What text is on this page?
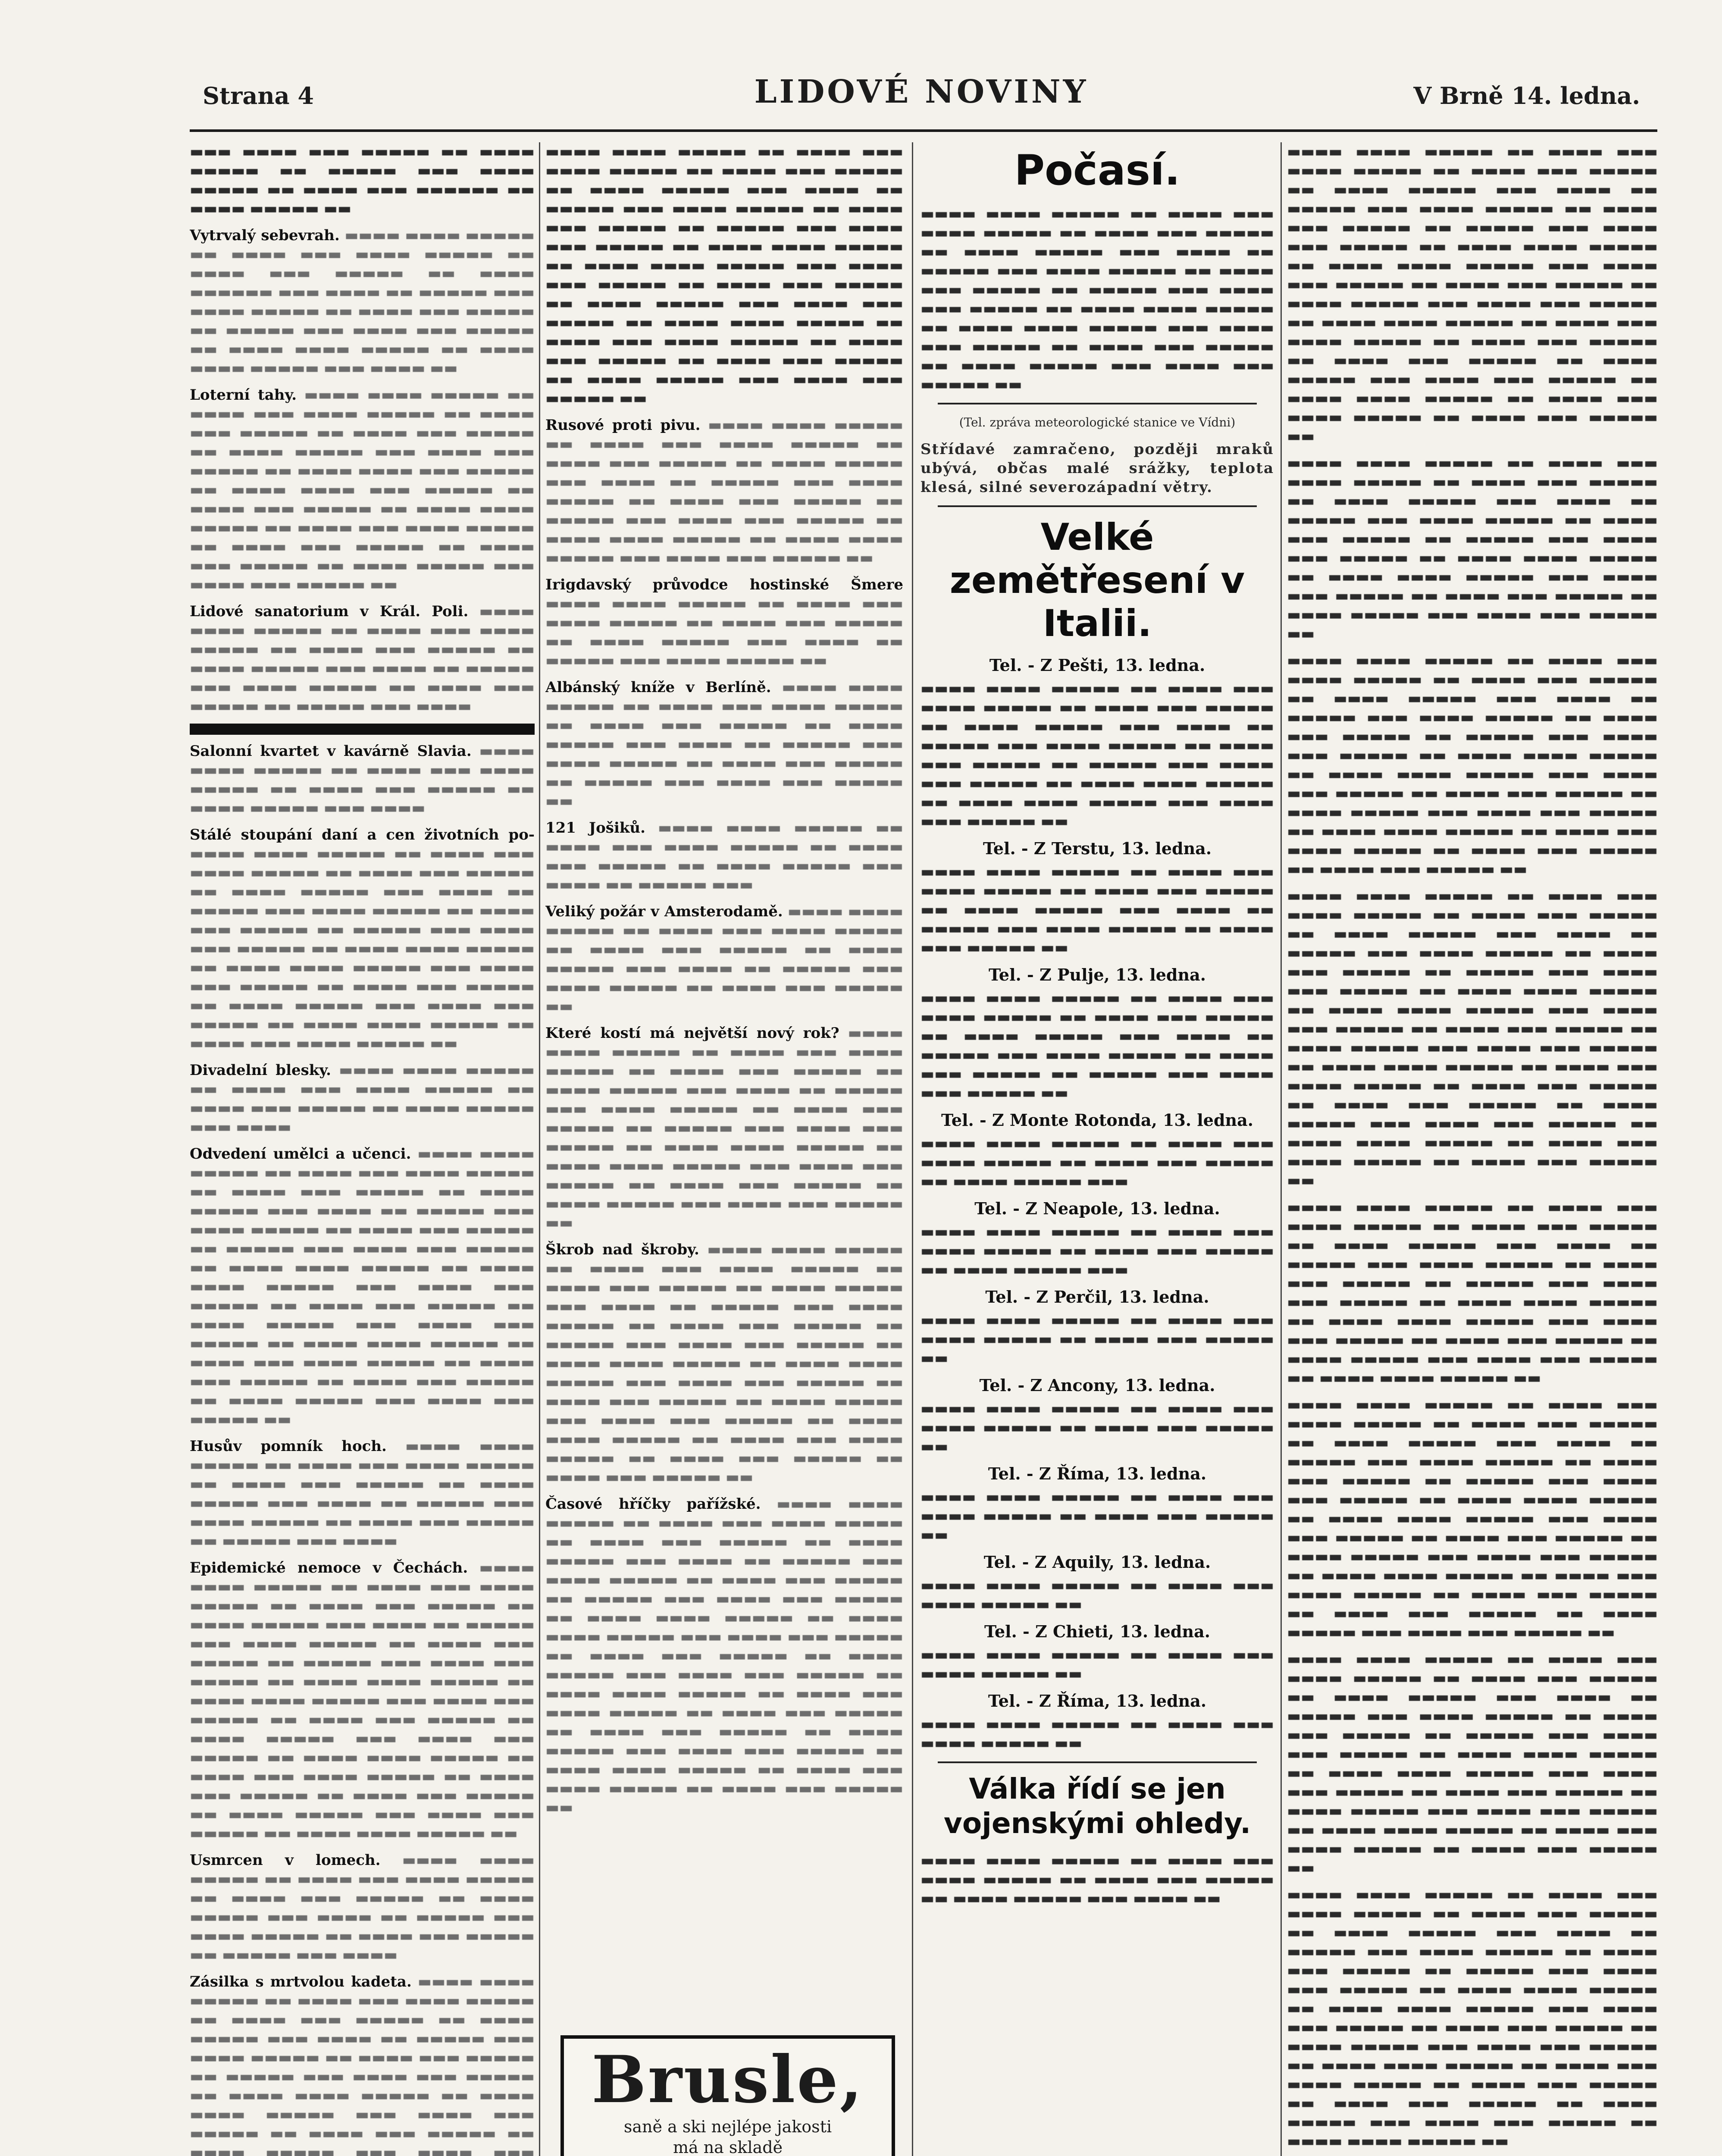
Strana 4	LIDOVÉ NOVINY	V Brně 14. ledna.

▬▬▬ ▬▬▬▬ ▬▬▬ ▬▬▬▬▬ ▬▬ ▬▬▬▬ ▬▬▬▬▬ ▬▬ ▬▬▬▬▬ ▬▬▬ ▬▬▬▬ ▬▬▬▬▬ ▬▬ ▬▬▬▬ ▬▬▬ ▬▬▬▬▬▬ ▬▬ ▬▬▬▬ ▬▬▬▬▬ ▬▬

Vytrvalý sebevrah. ▬▬▬▬ ▬▬▬▬ ▬▬▬▬▬ ▬▬ ▬▬▬▬ ▬▬▬ ▬▬▬▬ ▬▬▬▬▬ ▬▬ ▬▬▬▬ ▬▬▬ ▬▬▬▬▬ ▬▬ ▬▬▬▬ ▬▬▬▬▬▬ ▬▬▬ ▬▬▬▬ ▬▬ ▬▬▬▬▬ ▬▬▬ ▬▬▬▬ ▬▬▬▬▬ ▬▬ ▬▬▬▬ ▬▬▬ ▬▬▬▬▬ ▬▬ ▬▬▬▬▬ ▬▬▬ ▬▬▬▬ ▬▬▬ ▬▬▬▬▬ ▬▬ ▬▬▬▬ ▬▬▬▬ ▬▬▬▬▬ ▬▬ ▬▬▬▬ ▬▬▬▬ ▬▬▬▬▬ ▬▬▬ ▬▬▬▬ ▬▬

Loterní tahy. ▬▬▬▬ ▬▬▬▬ ▬▬▬▬▬ ▬▬ ▬▬▬▬ ▬▬▬ ▬▬▬▬ ▬▬▬▬▬ ▬▬ ▬▬▬▬ ▬▬▬ ▬▬▬▬▬ ▬▬ ▬▬▬▬ ▬▬▬ ▬▬▬▬▬ ▬▬ ▬▬▬▬ ▬▬▬▬▬ ▬▬▬ ▬▬▬▬ ▬▬▬ ▬▬▬▬▬ ▬▬ ▬▬▬▬ ▬▬▬▬ ▬▬▬ ▬▬▬▬▬ ▬▬ ▬▬▬▬ ▬▬▬▬ ▬▬▬ ▬▬▬▬▬ ▬▬ ▬▬▬▬ ▬▬▬ ▬▬▬▬▬ ▬▬ ▬▬▬▬ ▬▬▬▬ ▬▬▬▬▬ ▬▬ ▬▬▬▬ ▬▬▬ ▬▬▬▬ ▬▬▬▬▬ ▬▬ ▬▬▬▬ ▬▬▬ ▬▬▬▬▬ ▬▬ ▬▬▬▬ ▬▬▬ ▬▬▬▬▬ ▬▬ ▬▬▬▬ ▬▬▬▬▬ ▬▬▬ ▬▬▬▬ ▬▬▬ ▬▬▬▬▬ ▬▬

Lidové sanatorium v Král. Poli. ▬▬▬▬ ▬▬▬▬ ▬▬▬▬▬ ▬▬ ▬▬▬▬ ▬▬▬ ▬▬▬▬ ▬▬▬▬▬ ▬▬ ▬▬▬▬ ▬▬▬ ▬▬▬▬▬ ▬▬ ▬▬▬▬ ▬▬▬▬▬ ▬▬▬ ▬▬▬▬ ▬▬ ▬▬▬▬▬ ▬▬▬ ▬▬▬▬ ▬▬▬▬▬ ▬▬ ▬▬▬▬ ▬▬▬ ▬▬▬▬▬ ▬▬ ▬▬▬▬▬ ▬▬▬ ▬▬▬▬

Salonní kvartet v kavárně Slavia. ▬▬▬▬ ▬▬▬▬ ▬▬▬▬▬ ▬▬ ▬▬▬▬ ▬▬▬ ▬▬▬▬ ▬▬▬▬▬ ▬▬ ▬▬▬▬ ▬▬▬ ▬▬▬▬▬ ▬▬ ▬▬▬▬ ▬▬▬▬▬ ▬▬▬ ▬▬▬▬

Stálé stoupání daní a cen životních po- ▬▬▬▬ ▬▬▬▬ ▬▬▬▬▬ ▬▬ ▬▬▬▬ ▬▬▬ ▬▬▬▬ ▬▬▬▬▬ ▬▬ ▬▬▬▬ ▬▬▬ ▬▬▬▬▬ ▬▬ ▬▬▬▬ ▬▬▬▬▬ ▬▬▬ ▬▬▬▬ ▬▬ ▬▬▬▬▬ ▬▬▬ ▬▬▬▬ ▬▬▬▬▬ ▬▬ ▬▬▬▬ ▬▬▬ ▬▬▬▬▬ ▬▬ ▬▬▬▬▬ ▬▬▬ ▬▬▬▬ ▬▬▬ ▬▬▬▬▬ ▬▬ ▬▬▬▬ ▬▬▬▬ ▬▬▬▬▬ ▬▬ ▬▬▬▬ ▬▬▬▬ ▬▬▬▬▬ ▬▬▬ ▬▬▬▬ ▬▬▬ ▬▬▬▬▬ ▬▬ ▬▬▬▬ ▬▬▬ ▬▬▬▬▬ ▬▬ ▬▬▬▬ ▬▬▬▬▬ ▬▬▬ ▬▬▬▬ ▬▬▬ ▬▬▬▬▬ ▬▬ ▬▬▬▬ ▬▬▬▬ ▬▬▬▬▬ ▬▬ ▬▬▬▬ ▬▬▬ ▬▬▬▬ ▬▬▬▬▬ ▬▬

Divadelní blesky. ▬▬▬▬ ▬▬▬▬ ▬▬▬▬▬ ▬▬ ▬▬▬▬ ▬▬▬ ▬▬▬▬ ▬▬▬▬▬ ▬▬ ▬▬▬▬ ▬▬▬ ▬▬▬▬▬ ▬▬ ▬▬▬▬ ▬▬▬▬▬ ▬▬▬ ▬▬▬▬

Odvedení umělci a učenci. ▬▬▬▬ ▬▬▬▬ ▬▬▬▬▬ ▬▬ ▬▬▬▬ ▬▬▬ ▬▬▬▬ ▬▬▬▬▬ ▬▬ ▬▬▬▬ ▬▬▬ ▬▬▬▬▬ ▬▬ ▬▬▬▬ ▬▬▬▬▬ ▬▬▬ ▬▬▬▬ ▬▬ ▬▬▬▬▬ ▬▬▬ ▬▬▬▬ ▬▬▬▬▬ ▬▬ ▬▬▬▬ ▬▬▬ ▬▬▬▬▬ ▬▬ ▬▬▬▬▬ ▬▬▬ ▬▬▬▬ ▬▬▬ ▬▬▬▬▬ ▬▬ ▬▬▬▬ ▬▬▬▬ ▬▬▬▬▬ ▬▬ ▬▬▬▬ ▬▬▬▬ ▬▬▬▬▬ ▬▬▬ ▬▬▬▬ ▬▬▬ ▬▬▬▬▬ ▬▬ ▬▬▬▬ ▬▬▬ ▬▬▬▬▬ ▬▬ ▬▬▬▬ ▬▬▬▬▬ ▬▬▬ ▬▬▬▬ ▬▬▬ ▬▬▬▬▬ ▬▬ ▬▬▬▬ ▬▬▬▬ ▬▬▬▬▬ ▬▬ ▬▬▬▬ ▬▬▬ ▬▬▬▬ ▬▬▬▬▬ ▬▬ ▬▬▬▬ ▬▬▬ ▬▬▬▬▬ ▬▬ ▬▬▬▬ ▬▬▬ ▬▬▬▬▬ ▬▬ ▬▬▬▬ ▬▬▬▬▬ ▬▬▬ ▬▬▬▬ ▬▬▬ ▬▬▬▬▬ ▬▬

Husův pomník hoch. ▬▬▬▬ ▬▬▬▬ ▬▬▬▬▬ ▬▬ ▬▬▬▬ ▬▬▬ ▬▬▬▬ ▬▬▬▬▬ ▬▬ ▬▬▬▬ ▬▬▬ ▬▬▬▬▬ ▬▬ ▬▬▬▬ ▬▬▬▬▬ ▬▬▬ ▬▬▬▬ ▬▬ ▬▬▬▬▬ ▬▬▬ ▬▬▬▬ ▬▬▬▬▬ ▬▬ ▬▬▬▬ ▬▬▬ ▬▬▬▬▬ ▬▬ ▬▬▬▬▬ ▬▬▬ ▬▬▬▬

Epidemické nemoce v Čechách. ▬▬▬▬ ▬▬▬▬ ▬▬▬▬▬ ▬▬ ▬▬▬▬ ▬▬▬ ▬▬▬▬ ▬▬▬▬▬ ▬▬ ▬▬▬▬ ▬▬▬ ▬▬▬▬▬ ▬▬ ▬▬▬▬ ▬▬▬▬▬ ▬▬▬ ▬▬▬▬ ▬▬ ▬▬▬▬▬ ▬▬▬ ▬▬▬▬ ▬▬▬▬▬ ▬▬ ▬▬▬▬ ▬▬▬ ▬▬▬▬▬ ▬▬ ▬▬▬▬▬ ▬▬▬ ▬▬▬▬ ▬▬▬ ▬▬▬▬▬ ▬▬ ▬▬▬▬ ▬▬▬▬ ▬▬▬▬▬ ▬▬ ▬▬▬▬ ▬▬▬▬ ▬▬▬▬▬ ▬▬▬ ▬▬▬▬ ▬▬▬ ▬▬▬▬▬ ▬▬ ▬▬▬▬ ▬▬▬ ▬▬▬▬▬ ▬▬ ▬▬▬▬ ▬▬▬▬▬ ▬▬▬ ▬▬▬▬ ▬▬▬ ▬▬▬▬▬ ▬▬ ▬▬▬▬ ▬▬▬▬ ▬▬▬▬▬ ▬▬ ▬▬▬▬ ▬▬▬ ▬▬▬▬ ▬▬▬▬▬ ▬▬ ▬▬▬▬ ▬▬▬ ▬▬▬▬▬ ▬▬ ▬▬▬▬ ▬▬▬ ▬▬▬▬▬ ▬▬ ▬▬▬▬ ▬▬▬▬▬ ▬▬▬ ▬▬▬▬ ▬▬▬ ▬▬▬▬▬ ▬▬ ▬▬▬▬ ▬▬▬▬ ▬▬▬▬▬ ▬▬

Usmrcen v lomech. ▬▬▬▬ ▬▬▬▬ ▬▬▬▬▬ ▬▬ ▬▬▬▬ ▬▬▬ ▬▬▬▬ ▬▬▬▬▬ ▬▬ ▬▬▬▬ ▬▬▬ ▬▬▬▬▬ ▬▬ ▬▬▬▬ ▬▬▬▬▬ ▬▬▬ ▬▬▬▬ ▬▬ ▬▬▬▬▬ ▬▬▬ ▬▬▬▬ ▬▬▬▬▬ ▬▬ ▬▬▬▬ ▬▬▬ ▬▬▬▬▬ ▬▬ ▬▬▬▬▬ ▬▬▬ ▬▬▬▬

Zásilka s mrtvolou kadeta. ▬▬▬▬ ▬▬▬▬ ▬▬▬▬▬ ▬▬ ▬▬▬▬ ▬▬▬ ▬▬▬▬ ▬▬▬▬▬ ▬▬ ▬▬▬▬ ▬▬▬ ▬▬▬▬▬ ▬▬ ▬▬▬▬ ▬▬▬▬▬ ▬▬▬ ▬▬▬▬ ▬▬ ▬▬▬▬▬ ▬▬▬ ▬▬▬▬ ▬▬▬▬▬ ▬▬ ▬▬▬▬ ▬▬▬ ▬▬▬▬▬ ▬▬ ▬▬▬▬▬ ▬▬▬ ▬▬▬▬ ▬▬▬ ▬▬▬▬▬ ▬▬ ▬▬▬▬ ▬▬▬▬ ▬▬▬▬▬ ▬▬ ▬▬▬▬ ▬▬▬▬ ▬▬▬▬▬ ▬▬▬ ▬▬▬▬ ▬▬▬ ▬▬▬▬▬ ▬▬ ▬▬▬▬ ▬▬▬ ▬▬▬▬▬ ▬▬ ▬▬▬▬ ▬▬▬▬▬ ▬▬▬ ▬▬▬▬ ▬▬▬

▬▬▬▬ ▬▬▬▬ ▬▬▬▬▬ ▬▬ ▬▬▬▬ ▬▬▬ ▬▬▬▬ ▬▬▬▬▬ ▬▬ ▬▬▬▬ ▬▬▬ ▬▬▬▬▬ ▬▬ ▬▬▬▬ ▬▬▬▬▬ ▬▬▬ ▬▬▬▬ ▬▬ ▬▬▬▬▬ ▬▬▬ ▬▬▬▬ ▬▬▬▬▬ ▬▬ ▬▬▬▬ ▬▬▬ ▬▬▬▬▬ ▬▬ ▬▬▬▬▬ ▬▬▬ ▬▬▬▬ ▬▬▬ ▬▬▬▬▬ ▬▬ ▬▬▬▬ ▬▬▬▬ ▬▬▬▬▬ ▬▬ ▬▬▬▬ ▬▬▬▬ ▬▬▬▬▬ ▬▬▬ ▬▬▬▬ ▬▬▬ ▬▬▬▬▬ ▬▬ ▬▬▬▬ ▬▬▬ ▬▬▬▬▬ ▬▬ ▬▬▬▬ ▬▬▬▬▬ ▬▬▬ ▬▬▬▬ ▬▬▬ ▬▬▬▬▬ ▬▬ ▬▬▬▬ ▬▬▬▬ ▬▬▬▬▬ ▬▬ ▬▬▬▬ ▬▬▬ ▬▬▬▬ ▬▬▬▬▬ ▬▬ ▬▬▬▬ ▬▬▬ ▬▬▬▬▬ ▬▬ ▬▬▬▬ ▬▬▬ ▬▬▬▬▬ ▬▬ ▬▬▬▬ ▬▬▬▬▬ ▬▬▬ ▬▬▬▬ ▬▬▬ ▬▬▬▬▬ ▬▬

Rusové proti pivu. ▬▬▬▬ ▬▬▬▬ ▬▬▬▬▬ ▬▬ ▬▬▬▬ ▬▬▬ ▬▬▬▬ ▬▬▬▬▬ ▬▬ ▬▬▬▬ ▬▬▬ ▬▬▬▬▬ ▬▬ ▬▬▬▬ ▬▬▬▬▬ ▬▬▬ ▬▬▬▬ ▬▬ ▬▬▬▬▬ ▬▬▬ ▬▬▬▬ ▬▬▬▬▬ ▬▬ ▬▬▬▬ ▬▬▬ ▬▬▬▬▬ ▬▬ ▬▬▬▬▬ ▬▬▬ ▬▬▬▬ ▬▬▬ ▬▬▬▬▬ ▬▬ ▬▬▬▬ ▬▬▬▬ ▬▬▬▬▬ ▬▬ ▬▬▬▬ ▬▬▬▬ ▬▬▬▬▬ ▬▬▬ ▬▬▬▬ ▬▬▬ ▬▬▬▬▬ ▬▬

Irigdavský průvodce hostinské Šmere ▬▬▬▬ ▬▬▬▬ ▬▬▬▬▬ ▬▬ ▬▬▬▬ ▬▬▬ ▬▬▬▬ ▬▬▬▬▬ ▬▬ ▬▬▬▬ ▬▬▬ ▬▬▬▬▬ ▬▬ ▬▬▬▬ ▬▬▬▬▬ ▬▬▬ ▬▬▬▬ ▬▬ ▬▬▬▬▬ ▬▬▬ ▬▬▬▬ ▬▬▬▬▬ ▬▬

Albánský kníže v Berlíně. ▬▬▬▬ ▬▬▬▬ ▬▬▬▬▬ ▬▬ ▬▬▬▬ ▬▬▬ ▬▬▬▬ ▬▬▬▬▬ ▬▬ ▬▬▬▬ ▬▬▬ ▬▬▬▬▬ ▬▬ ▬▬▬▬ ▬▬▬▬▬ ▬▬▬ ▬▬▬▬ ▬▬ ▬▬▬▬▬ ▬▬▬ ▬▬▬▬ ▬▬▬▬▬ ▬▬ ▬▬▬▬ ▬▬▬ ▬▬▬▬▬ ▬▬ ▬▬▬▬▬ ▬▬▬ ▬▬▬▬ ▬▬▬ ▬▬▬▬▬ ▬▬

121 Jošiků. ▬▬▬▬ ▬▬▬▬ ▬▬▬▬▬ ▬▬ ▬▬▬▬ ▬▬▬ ▬▬▬▬ ▬▬▬▬▬ ▬▬ ▬▬▬▬ ▬▬▬ ▬▬▬▬▬ ▬▬ ▬▬▬▬ ▬▬▬▬▬ ▬▬▬ ▬▬▬▬ ▬▬ ▬▬▬▬▬ ▬▬▬

Veliký požár v Amsterodamě. ▬▬▬▬ ▬▬▬▬ ▬▬▬▬▬ ▬▬ ▬▬▬▬ ▬▬▬ ▬▬▬▬ ▬▬▬▬▬ ▬▬ ▬▬▬▬ ▬▬▬ ▬▬▬▬▬ ▬▬ ▬▬▬▬ ▬▬▬▬▬ ▬▬▬ ▬▬▬▬ ▬▬ ▬▬▬▬▬ ▬▬▬ ▬▬▬▬ ▬▬▬▬▬ ▬▬ ▬▬▬▬ ▬▬▬ ▬▬▬▬▬ ▬▬

Které kostí má největší nový rok? ▬▬▬▬ ▬▬▬▬ ▬▬▬▬▬ ▬▬ ▬▬▬▬ ▬▬▬ ▬▬▬▬ ▬▬▬▬▬ ▬▬ ▬▬▬▬ ▬▬▬ ▬▬▬▬▬ ▬▬ ▬▬▬▬ ▬▬▬▬▬ ▬▬▬ ▬▬▬▬ ▬▬ ▬▬▬▬▬ ▬▬▬ ▬▬▬▬ ▬▬▬▬▬ ▬▬ ▬▬▬▬ ▬▬▬ ▬▬▬▬▬ ▬▬ ▬▬▬▬▬ ▬▬▬ ▬▬▬▬ ▬▬▬ ▬▬▬▬▬ ▬▬ ▬▬▬▬ ▬▬▬▬ ▬▬▬▬▬ ▬▬ ▬▬▬▬ ▬▬▬▬ ▬▬▬▬▬ ▬▬▬ ▬▬▬▬ ▬▬▬ ▬▬▬▬▬ ▬▬ ▬▬▬▬ ▬▬▬ ▬▬▬▬▬ ▬▬ ▬▬▬▬ ▬▬▬▬▬ ▬▬▬ ▬▬▬▬ ▬▬▬ ▬▬▬▬▬ ▬▬

Škrob nad škroby. ▬▬▬▬ ▬▬▬▬ ▬▬▬▬▬ ▬▬ ▬▬▬▬ ▬▬▬ ▬▬▬▬ ▬▬▬▬▬ ▬▬ ▬▬▬▬ ▬▬▬ ▬▬▬▬▬ ▬▬ ▬▬▬▬ ▬▬▬▬▬ ▬▬▬ ▬▬▬▬ ▬▬ ▬▬▬▬▬ ▬▬▬ ▬▬▬▬ ▬▬▬▬▬ ▬▬ ▬▬▬▬ ▬▬▬ ▬▬▬▬▬ ▬▬ ▬▬▬▬▬ ▬▬▬ ▬▬▬▬ ▬▬▬ ▬▬▬▬▬ ▬▬ ▬▬▬▬ ▬▬▬▬ ▬▬▬▬▬ ▬▬ ▬▬▬▬ ▬▬▬▬ ▬▬▬▬▬ ▬▬▬ ▬▬▬▬ ▬▬▬ ▬▬▬▬▬ ▬▬ ▬▬▬▬ ▬▬▬ ▬▬▬▬▬ ▬▬ ▬▬▬▬ ▬▬▬▬▬ ▬▬▬ ▬▬▬▬ ▬▬▬ ▬▬▬▬▬ ▬▬ ▬▬▬▬ ▬▬▬▬ ▬▬▬▬▬ ▬▬ ▬▬▬▬ ▬▬▬ ▬▬▬▬ ▬▬▬▬▬ ▬▬ ▬▬▬▬ ▬▬▬ ▬▬▬▬▬ ▬▬ ▬▬▬▬ ▬▬▬ ▬▬▬▬▬ ▬▬

Časové hříčky pařížské. ▬▬▬▬ ▬▬▬▬ ▬▬▬▬▬ ▬▬ ▬▬▬▬ ▬▬▬ ▬▬▬▬ ▬▬▬▬▬ ▬▬ ▬▬▬▬ ▬▬▬ ▬▬▬▬▬ ▬▬ ▬▬▬▬ ▬▬▬▬▬ ▬▬▬ ▬▬▬▬ ▬▬ ▬▬▬▬▬ ▬▬▬ ▬▬▬▬ ▬▬▬▬▬ ▬▬ ▬▬▬▬ ▬▬▬ ▬▬▬▬▬ ▬▬ ▬▬▬▬▬ ▬▬▬ ▬▬▬▬ ▬▬▬ ▬▬▬▬▬ ▬▬ ▬▬▬▬ ▬▬▬▬ ▬▬▬▬▬ ▬▬ ▬▬▬▬ ▬▬▬▬ ▬▬▬▬▬ ▬▬▬ ▬▬▬▬ ▬▬▬ ▬▬▬▬▬ ▬▬ ▬▬▬▬ ▬▬▬ ▬▬▬▬▬ ▬▬ ▬▬▬▬ ▬▬▬▬▬ ▬▬▬ ▬▬▬▬ ▬▬▬ ▬▬▬▬▬ ▬▬ ▬▬▬▬ ▬▬▬▬ ▬▬▬▬▬ ▬▬ ▬▬▬▬ ▬▬▬ ▬▬▬▬ ▬▬▬▬▬ ▬▬ ▬▬▬▬ ▬▬▬ ▬▬▬▬▬ ▬▬ ▬▬▬▬ ▬▬▬ ▬▬▬▬▬ ▬▬ ▬▬▬▬ ▬▬▬▬▬ ▬▬▬ ▬▬▬▬ ▬▬▬ ▬▬▬▬▬ ▬▬ ▬▬▬▬ ▬▬▬▬ ▬▬▬▬▬ ▬▬ ▬▬▬▬ ▬▬▬ ▬▬▬▬ ▬▬▬▬▬ ▬▬ ▬▬▬▬ ▬▬▬ ▬▬▬▬▬ ▬▬

Brusle,
saně a ski nejlépe jakosti
má na skladě
Počasí.

▬▬▬▬ ▬▬▬▬ ▬▬▬▬▬ ▬▬ ▬▬▬▬ ▬▬▬ ▬▬▬▬ ▬▬▬▬▬ ▬▬ ▬▬▬▬ ▬▬▬ ▬▬▬▬▬ ▬▬ ▬▬▬▬ ▬▬▬▬▬ ▬▬▬ ▬▬▬▬ ▬▬ ▬▬▬▬▬ ▬▬▬ ▬▬▬▬ ▬▬▬▬▬ ▬▬ ▬▬▬▬ ▬▬▬ ▬▬▬▬▬ ▬▬ ▬▬▬▬▬ ▬▬▬ ▬▬▬▬ ▬▬▬ ▬▬▬▬▬ ▬▬ ▬▬▬▬ ▬▬▬▬ ▬▬▬▬▬ ▬▬ ▬▬▬▬ ▬▬▬▬ ▬▬▬▬▬ ▬▬▬ ▬▬▬▬ ▬▬▬ ▬▬▬▬▬ ▬▬ ▬▬▬▬ ▬▬▬ ▬▬▬▬▬ ▬▬ ▬▬▬▬ ▬▬▬▬▬ ▬▬▬ ▬▬▬▬ ▬▬▬ ▬▬▬▬▬ ▬▬

(Tel. zpráva meteorologické stanice ve Vídni)

Střídavé zamračeno, později mraků ubývá, občas malé srážky, teplota klesá, silné severozápadní větry.

Velké zemětřesení v Italii.
Tel. - Z Pešti, 13. ledna.

▬▬▬▬ ▬▬▬▬ ▬▬▬▬▬ ▬▬ ▬▬▬▬ ▬▬▬ ▬▬▬▬ ▬▬▬▬▬ ▬▬ ▬▬▬▬ ▬▬▬ ▬▬▬▬▬ ▬▬ ▬▬▬▬ ▬▬▬▬▬ ▬▬▬ ▬▬▬▬ ▬▬ ▬▬▬▬▬ ▬▬▬ ▬▬▬▬ ▬▬▬▬▬ ▬▬ ▬▬▬▬ ▬▬▬ ▬▬▬▬▬ ▬▬ ▬▬▬▬▬ ▬▬▬ ▬▬▬▬ ▬▬▬ ▬▬▬▬▬ ▬▬ ▬▬▬▬ ▬▬▬▬ ▬▬▬▬▬ ▬▬ ▬▬▬▬ ▬▬▬▬ ▬▬▬▬▬ ▬▬▬ ▬▬▬▬ ▬▬▬ ▬▬▬▬▬ ▬▬

Tel. - Z Terstu, 13. ledna.

▬▬▬▬ ▬▬▬▬ ▬▬▬▬▬ ▬▬ ▬▬▬▬ ▬▬▬ ▬▬▬▬ ▬▬▬▬▬ ▬▬ ▬▬▬▬ ▬▬▬ ▬▬▬▬▬ ▬▬ ▬▬▬▬ ▬▬▬▬▬ ▬▬▬ ▬▬▬▬ ▬▬ ▬▬▬▬▬ ▬▬▬ ▬▬▬▬ ▬▬▬▬▬ ▬▬ ▬▬▬▬ ▬▬▬ ▬▬▬▬▬ ▬▬

Tel. - Z Pulje, 13. ledna.

▬▬▬▬ ▬▬▬▬ ▬▬▬▬▬ ▬▬ ▬▬▬▬ ▬▬▬ ▬▬▬▬ ▬▬▬▬▬ ▬▬ ▬▬▬▬ ▬▬▬ ▬▬▬▬▬ ▬▬ ▬▬▬▬ ▬▬▬▬▬ ▬▬▬ ▬▬▬▬ ▬▬ ▬▬▬▬▬ ▬▬▬ ▬▬▬▬ ▬▬▬▬▬ ▬▬ ▬▬▬▬ ▬▬▬ ▬▬▬▬▬ ▬▬ ▬▬▬▬▬ ▬▬▬ ▬▬▬▬ ▬▬▬ ▬▬▬▬▬ ▬▬

Tel. - Z Monte Rotonda, 13. ledna.

▬▬▬▬ ▬▬▬▬ ▬▬▬▬▬ ▬▬ ▬▬▬▬ ▬▬▬ ▬▬▬▬ ▬▬▬▬▬ ▬▬ ▬▬▬▬ ▬▬▬ ▬▬▬▬▬ ▬▬ ▬▬▬▬ ▬▬▬▬▬ ▬▬▬

Tel. - Z Neapole, 13. ledna.

▬▬▬▬ ▬▬▬▬ ▬▬▬▬▬ ▬▬ ▬▬▬▬ ▬▬▬ ▬▬▬▬ ▬▬▬▬▬ ▬▬ ▬▬▬▬ ▬▬▬ ▬▬▬▬▬ ▬▬ ▬▬▬▬ ▬▬▬▬▬ ▬▬▬

Tel. - Z Perčil, 13. ledna.

▬▬▬▬ ▬▬▬▬ ▬▬▬▬▬ ▬▬ ▬▬▬▬ ▬▬▬ ▬▬▬▬ ▬▬▬▬▬ ▬▬ ▬▬▬▬ ▬▬▬ ▬▬▬▬▬ ▬▬

Tel. - Z Ancony, 13. ledna.

▬▬▬▬ ▬▬▬▬ ▬▬▬▬▬ ▬▬ ▬▬▬▬ ▬▬▬ ▬▬▬▬ ▬▬▬▬▬ ▬▬ ▬▬▬▬ ▬▬▬ ▬▬▬▬▬ ▬▬

Tel. - Z Říma, 13. ledna.

▬▬▬▬ ▬▬▬▬ ▬▬▬▬▬ ▬▬ ▬▬▬▬ ▬▬▬ ▬▬▬▬ ▬▬▬▬▬ ▬▬ ▬▬▬▬ ▬▬▬ ▬▬▬▬▬ ▬▬

Tel. - Z Aquily, 13. ledna.

▬▬▬▬ ▬▬▬▬ ▬▬▬▬▬ ▬▬ ▬▬▬▬ ▬▬▬ ▬▬▬▬ ▬▬▬▬▬ ▬▬

Tel. - Z Chieti, 13. ledna.

▬▬▬▬ ▬▬▬▬ ▬▬▬▬▬ ▬▬ ▬▬▬▬ ▬▬▬ ▬▬▬▬ ▬▬▬▬▬ ▬▬

Tel. - Z Říma, 13. ledna.

▬▬▬▬ ▬▬▬▬ ▬▬▬▬▬ ▬▬ ▬▬▬▬ ▬▬▬ ▬▬▬▬ ▬▬▬▬▬ ▬▬

Válka řídí se jen vojenskými ohledy.

▬▬▬▬ ▬▬▬▬ ▬▬▬▬▬ ▬▬ ▬▬▬▬ ▬▬▬ ▬▬▬▬ ▬▬▬▬▬ ▬▬ ▬▬▬▬ ▬▬▬ ▬▬▬▬▬ ▬▬ ▬▬▬▬ ▬▬▬▬▬ ▬▬▬ ▬▬▬▬ ▬▬

▬▬▬▬ ▬▬▬▬ ▬▬▬▬▬ ▬▬ ▬▬▬▬ ▬▬▬ ▬▬▬▬ ▬▬▬▬▬ ▬▬ ▬▬▬▬ ▬▬▬ ▬▬▬▬▬ ▬▬ ▬▬▬▬ ▬▬▬▬▬ ▬▬▬ ▬▬▬▬ ▬▬ ▬▬▬▬▬ ▬▬▬ ▬▬▬▬ ▬▬▬▬▬ ▬▬ ▬▬▬▬ ▬▬▬ ▬▬▬▬▬ ▬▬ ▬▬▬▬▬ ▬▬▬ ▬▬▬▬ ▬▬▬ ▬▬▬▬▬ ▬▬ ▬▬▬▬ ▬▬▬▬ ▬▬▬▬▬ ▬▬ ▬▬▬▬ ▬▬▬▬ ▬▬▬▬▬ ▬▬▬ ▬▬▬▬ ▬▬▬ ▬▬▬▬▬ ▬▬ ▬▬▬▬ ▬▬▬ ▬▬▬▬▬ ▬▬ ▬▬▬▬ ▬▬▬▬▬ ▬▬▬ ▬▬▬▬ ▬▬▬ ▬▬▬▬▬ ▬▬ ▬▬▬▬ ▬▬▬▬ ▬▬▬▬▬ ▬▬ ▬▬▬▬ ▬▬▬ ▬▬▬▬ ▬▬▬▬▬ ▬▬ ▬▬▬▬ ▬▬▬ ▬▬▬▬▬ ▬▬ ▬▬▬▬ ▬▬▬ ▬▬▬▬▬ ▬▬ ▬▬▬▬ ▬▬▬▬▬ ▬▬▬ ▬▬▬▬ ▬▬▬ ▬▬▬▬▬ ▬▬ ▬▬▬▬ ▬▬▬▬ ▬▬▬▬▬ ▬▬ ▬▬▬▬ ▬▬▬ ▬▬▬▬ ▬▬▬▬▬ ▬▬ ▬▬▬▬ ▬▬▬ ▬▬▬▬▬ ▬▬

▬▬▬▬ ▬▬▬▬ ▬▬▬▬▬ ▬▬ ▬▬▬▬ ▬▬▬ ▬▬▬▬ ▬▬▬▬▬ ▬▬ ▬▬▬▬ ▬▬▬ ▬▬▬▬▬ ▬▬ ▬▬▬▬ ▬▬▬▬▬ ▬▬▬ ▬▬▬▬ ▬▬ ▬▬▬▬▬ ▬▬▬ ▬▬▬▬ ▬▬▬▬▬ ▬▬ ▬▬▬▬ ▬▬▬ ▬▬▬▬▬ ▬▬ ▬▬▬▬▬ ▬▬▬ ▬▬▬▬ ▬▬▬ ▬▬▬▬▬ ▬▬ ▬▬▬▬ ▬▬▬▬ ▬▬▬▬▬ ▬▬ ▬▬▬▬ ▬▬▬▬ ▬▬▬▬▬ ▬▬▬ ▬▬▬▬ ▬▬▬ ▬▬▬▬▬ ▬▬ ▬▬▬▬ ▬▬▬ ▬▬▬▬▬ ▬▬ ▬▬▬▬ ▬▬▬▬▬ ▬▬▬ ▬▬▬▬ ▬▬▬ ▬▬▬▬▬ ▬▬

▬▬▬▬ ▬▬▬▬ ▬▬▬▬▬ ▬▬ ▬▬▬▬ ▬▬▬ ▬▬▬▬ ▬▬▬▬▬ ▬▬ ▬▬▬▬ ▬▬▬ ▬▬▬▬▬ ▬▬ ▬▬▬▬ ▬▬▬▬▬ ▬▬▬ ▬▬▬▬ ▬▬ ▬▬▬▬▬ ▬▬▬ ▬▬▬▬ ▬▬▬▬▬ ▬▬ ▬▬▬▬ ▬▬▬ ▬▬▬▬▬ ▬▬ ▬▬▬▬▬ ▬▬▬ ▬▬▬▬ ▬▬▬ ▬▬▬▬▬ ▬▬ ▬▬▬▬ ▬▬▬▬ ▬▬▬▬▬ ▬▬ ▬▬▬▬ ▬▬▬▬ ▬▬▬▬▬ ▬▬▬ ▬▬▬▬ ▬▬▬ ▬▬▬▬▬ ▬▬ ▬▬▬▬ ▬▬▬ ▬▬▬▬▬ ▬▬ ▬▬▬▬ ▬▬▬▬▬ ▬▬▬ ▬▬▬▬ ▬▬▬ ▬▬▬▬▬ ▬▬ ▬▬▬▬ ▬▬▬▬ ▬▬▬▬▬ ▬▬ ▬▬▬▬ ▬▬▬ ▬▬▬▬ ▬▬▬▬▬ ▬▬ ▬▬▬▬ ▬▬▬ ▬▬▬▬▬ ▬▬ ▬▬▬▬ ▬▬▬ ▬▬▬▬▬ ▬▬

▬▬▬▬ ▬▬▬▬ ▬▬▬▬▬ ▬▬ ▬▬▬▬ ▬▬▬ ▬▬▬▬ ▬▬▬▬▬ ▬▬ ▬▬▬▬ ▬▬▬ ▬▬▬▬▬ ▬▬ ▬▬▬▬ ▬▬▬▬▬ ▬▬▬ ▬▬▬▬ ▬▬ ▬▬▬▬▬ ▬▬▬ ▬▬▬▬ ▬▬▬▬▬ ▬▬ ▬▬▬▬ ▬▬▬ ▬▬▬▬▬ ▬▬ ▬▬▬▬▬ ▬▬▬ ▬▬▬▬ ▬▬▬ ▬▬▬▬▬ ▬▬ ▬▬▬▬ ▬▬▬▬ ▬▬▬▬▬ ▬▬ ▬▬▬▬ ▬▬▬▬ ▬▬▬▬▬ ▬▬▬ ▬▬▬▬ ▬▬▬ ▬▬▬▬▬ ▬▬ ▬▬▬▬ ▬▬▬ ▬▬▬▬▬ ▬▬ ▬▬▬▬ ▬▬▬▬▬ ▬▬▬ ▬▬▬▬ ▬▬▬ ▬▬▬▬▬ ▬▬ ▬▬▬▬ ▬▬▬▬ ▬▬▬▬▬ ▬▬ ▬▬▬▬ ▬▬▬ ▬▬▬▬ ▬▬▬▬▬ ▬▬ ▬▬▬▬ ▬▬▬ ▬▬▬▬▬ ▬▬ ▬▬▬▬ ▬▬▬ ▬▬▬▬▬ ▬▬ ▬▬▬▬ ▬▬▬▬▬ ▬▬▬ ▬▬▬▬ ▬▬▬ ▬▬▬▬▬ ▬▬ ▬▬▬▬ ▬▬▬▬ ▬▬▬▬▬ ▬▬ ▬▬▬▬ ▬▬▬ ▬▬▬▬ ▬▬▬▬▬ ▬▬ ▬▬▬▬ ▬▬▬ ▬▬▬▬▬ ▬▬

▬▬▬▬ ▬▬▬▬ ▬▬▬▬▬ ▬▬ ▬▬▬▬ ▬▬▬ ▬▬▬▬ ▬▬▬▬▬ ▬▬ ▬▬▬▬ ▬▬▬ ▬▬▬▬▬ ▬▬ ▬▬▬▬ ▬▬▬▬▬ ▬▬▬ ▬▬▬▬ ▬▬ ▬▬▬▬▬ ▬▬▬ ▬▬▬▬ ▬▬▬▬▬ ▬▬ ▬▬▬▬ ▬▬▬ ▬▬▬▬▬ ▬▬ ▬▬▬▬▬ ▬▬▬ ▬▬▬▬ ▬▬▬ ▬▬▬▬▬ ▬▬ ▬▬▬▬ ▬▬▬▬ ▬▬▬▬▬ ▬▬ ▬▬▬▬ ▬▬▬▬ ▬▬▬▬▬ ▬▬▬ ▬▬▬▬ ▬▬▬ ▬▬▬▬▬ ▬▬ ▬▬▬▬ ▬▬▬ ▬▬▬▬▬ ▬▬ ▬▬▬▬ ▬▬▬▬▬ ▬▬▬ ▬▬▬▬ ▬▬▬ ▬▬▬▬▬ ▬▬ ▬▬▬▬ ▬▬▬▬ ▬▬▬▬▬ ▬▬

▬▬▬▬ ▬▬▬▬ ▬▬▬▬▬ ▬▬ ▬▬▬▬ ▬▬▬ ▬▬▬▬ ▬▬▬▬▬ ▬▬ ▬▬▬▬ ▬▬▬ ▬▬▬▬▬ ▬▬ ▬▬▬▬ ▬▬▬▬▬ ▬▬▬ ▬▬▬▬ ▬▬ ▬▬▬▬▬ ▬▬▬ ▬▬▬▬ ▬▬▬▬▬ ▬▬ ▬▬▬▬ ▬▬▬ ▬▬▬▬▬ ▬▬ ▬▬▬▬▬ ▬▬▬ ▬▬▬▬ ▬▬▬ ▬▬▬▬▬ ▬▬ ▬▬▬▬ ▬▬▬▬ ▬▬▬▬▬ ▬▬ ▬▬▬▬ ▬▬▬▬ ▬▬▬▬▬ ▬▬▬ ▬▬▬▬ ▬▬▬ ▬▬▬▬▬ ▬▬ ▬▬▬▬ ▬▬▬ ▬▬▬▬▬ ▬▬ ▬▬▬▬ ▬▬▬▬▬ ▬▬▬ ▬▬▬▬ ▬▬▬ ▬▬▬▬▬ ▬▬ ▬▬▬▬ ▬▬▬▬ ▬▬▬▬▬ ▬▬ ▬▬▬▬ ▬▬▬ ▬▬▬▬ ▬▬▬▬▬ ▬▬ ▬▬▬▬ ▬▬▬ ▬▬▬▬▬ ▬▬ ▬▬▬▬ ▬▬▬ ▬▬▬▬▬ ▬▬ ▬▬▬▬ ▬▬▬▬▬ ▬▬▬ ▬▬▬▬ ▬▬▬ ▬▬▬▬▬ ▬▬

▬▬▬▬ ▬▬▬▬ ▬▬▬▬▬ ▬▬ ▬▬▬▬ ▬▬▬ ▬▬▬▬ ▬▬▬▬▬ ▬▬ ▬▬▬▬ ▬▬▬ ▬▬▬▬▬ ▬▬ ▬▬▬▬ ▬▬▬▬▬ ▬▬▬ ▬▬▬▬ ▬▬ ▬▬▬▬▬ ▬▬▬ ▬▬▬▬ ▬▬▬▬▬ ▬▬ ▬▬▬▬ ▬▬▬ ▬▬▬▬▬ ▬▬ ▬▬▬▬▬ ▬▬▬ ▬▬▬▬ ▬▬▬ ▬▬▬▬▬ ▬▬ ▬▬▬▬ ▬▬▬▬ ▬▬▬▬▬ ▬▬ ▬▬▬▬ ▬▬▬▬ ▬▬▬▬▬ ▬▬▬ ▬▬▬▬ ▬▬▬ ▬▬▬▬▬ ▬▬ ▬▬▬▬ ▬▬▬ ▬▬▬▬▬ ▬▬ ▬▬▬▬ ▬▬▬▬▬ ▬▬▬ ▬▬▬▬ ▬▬▬ ▬▬▬▬▬ ▬▬ ▬▬▬▬ ▬▬▬▬ ▬▬▬▬▬ ▬▬ ▬▬▬▬ ▬▬▬ ▬▬▬▬ ▬▬▬▬▬ ▬▬ ▬▬▬▬ ▬▬▬ ▬▬▬▬▬ ▬▬

▬▬▬▬ ▬▬▬▬ ▬▬▬▬▬ ▬▬ ▬▬▬▬ ▬▬▬ ▬▬▬▬ ▬▬▬▬▬ ▬▬ ▬▬▬▬ ▬▬▬ ▬▬▬▬▬ ▬▬ ▬▬▬▬ ▬▬▬▬▬ ▬▬▬ ▬▬▬▬ ▬▬ ▬▬▬▬▬ ▬▬▬ ▬▬▬▬ ▬▬▬▬▬ ▬▬ ▬▬▬▬ ▬▬▬ ▬▬▬▬▬ ▬▬ ▬▬▬▬▬ ▬▬▬ ▬▬▬▬ ▬▬▬ ▬▬▬▬▬ ▬▬ ▬▬▬▬ ▬▬▬▬ ▬▬▬▬▬ ▬▬ ▬▬▬▬ ▬▬▬▬ ▬▬▬▬▬ ▬▬▬ ▬▬▬▬ ▬▬▬ ▬▬▬▬▬ ▬▬ ▬▬▬▬ ▬▬▬ ▬▬▬▬▬ ▬▬ ▬▬▬▬ ▬▬▬▬▬ ▬▬▬ ▬▬▬▬ ▬▬▬ ▬▬▬▬▬ ▬▬ ▬▬▬▬ ▬▬▬▬ ▬▬▬▬▬ ▬▬ ▬▬▬▬ ▬▬▬ ▬▬▬▬ ▬▬▬▬▬ ▬▬ ▬▬▬▬ ▬▬▬ ▬▬▬▬▬ ▬▬ ▬▬▬▬ ▬▬▬ ▬▬▬▬▬ ▬▬ ▬▬▬▬ ▬▬▬▬▬ ▬▬▬ ▬▬▬▬ ▬▬▬ ▬▬▬▬▬ ▬▬ ▬▬▬▬ ▬▬▬▬ ▬▬▬▬▬ ▬▬
